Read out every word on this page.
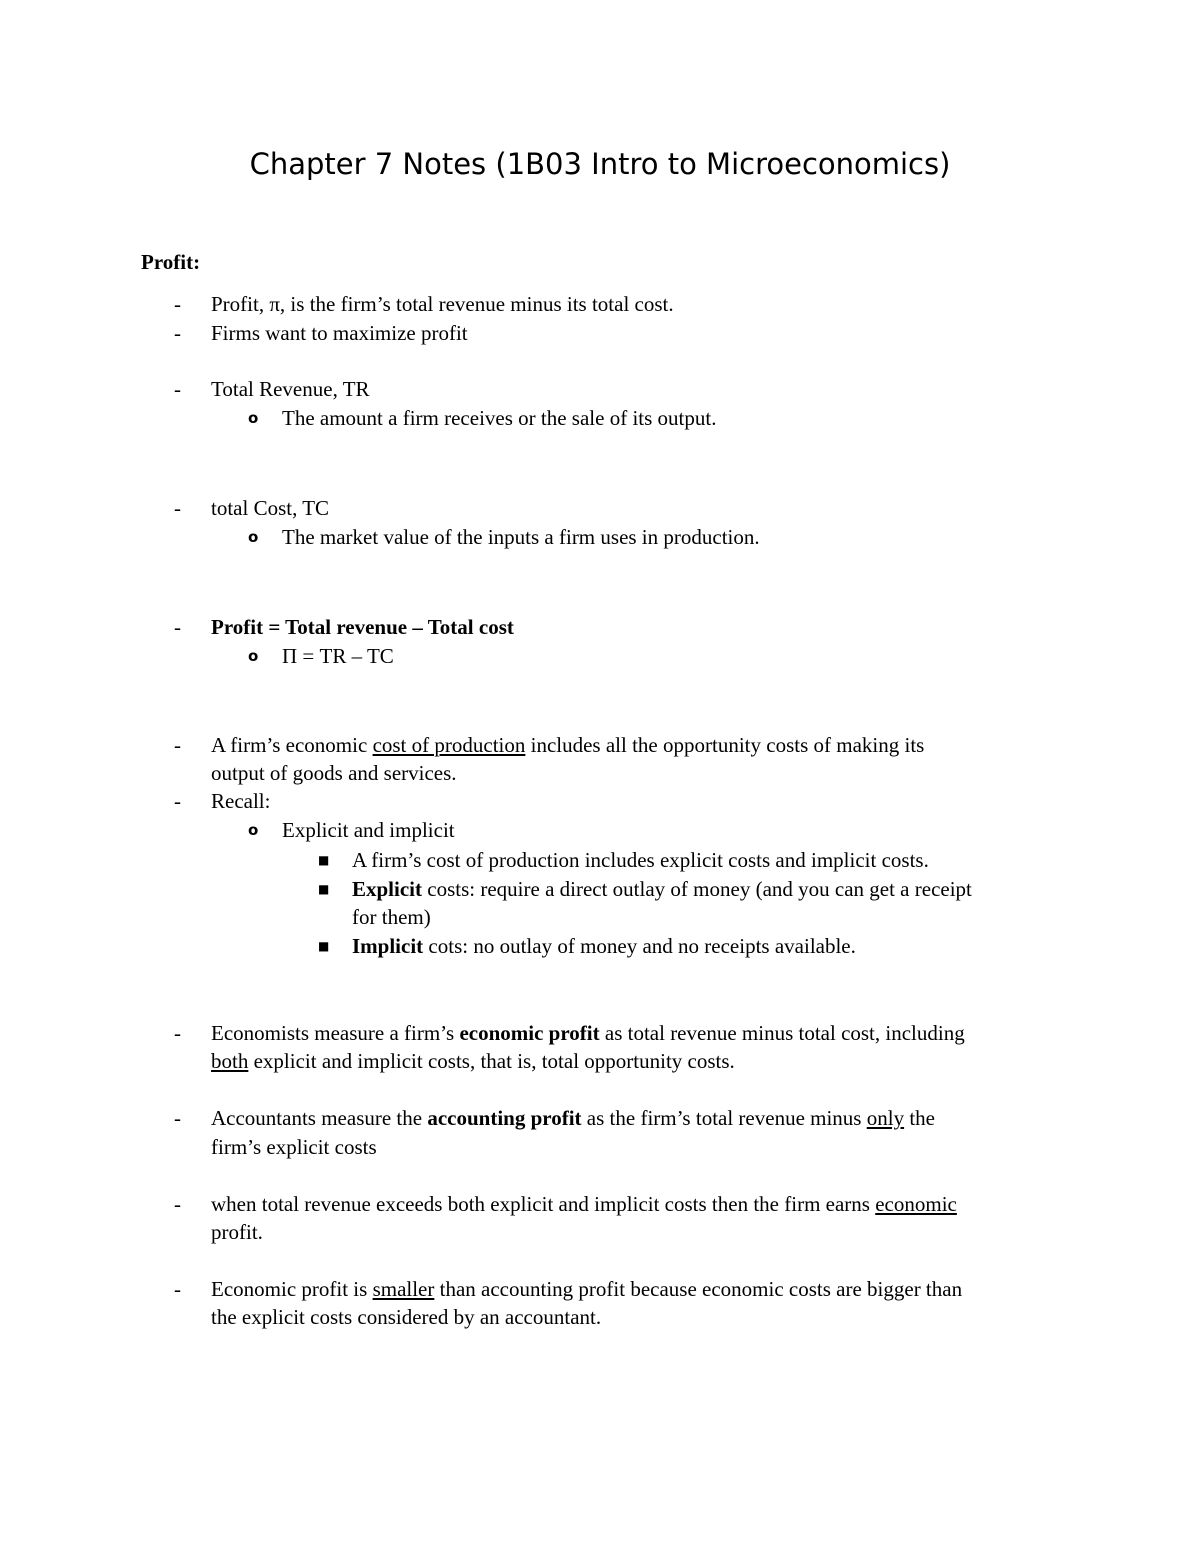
Chapter 7 Notes (1B03 Intro to Microeconomics)
Profit:
- Profit, π, is the firm’s total revenue minus its total cost.
- Firms want to maximize profit
- Total Revenue, TR
o The amount a firm receives or the sale of its output.
- total Cost, TC
o The market value of the inputs a firm uses in production.
- Profit = Total revenue – Total cost
o Π = TR – TC
- A firm’s economic cost of production includes all the opportunity costs of making its
output of goods and services.
- Recall:
o Explicit and implicit
■ A firm’s cost of production includes explicit costs and implicit costs.
■ Explicit costs: require a direct outlay of money (and you can get a receipt
for them)
■ Implicit cots: no outlay of money and no receipts available.
- Economists measure a firm’s economic profit as total revenue minus total cost, including
both explicit and implicit costs, that is, total opportunity costs.
- Accountants measure the accounting profit as the firm’s total revenue minus only the
firm’s explicit costs
- when total revenue exceeds both explicit and implicit costs then the firm earns economic
profit.
- Economic profit is smaller than accounting profit because economic costs are bigger than
the explicit costs considered by an accountant.
